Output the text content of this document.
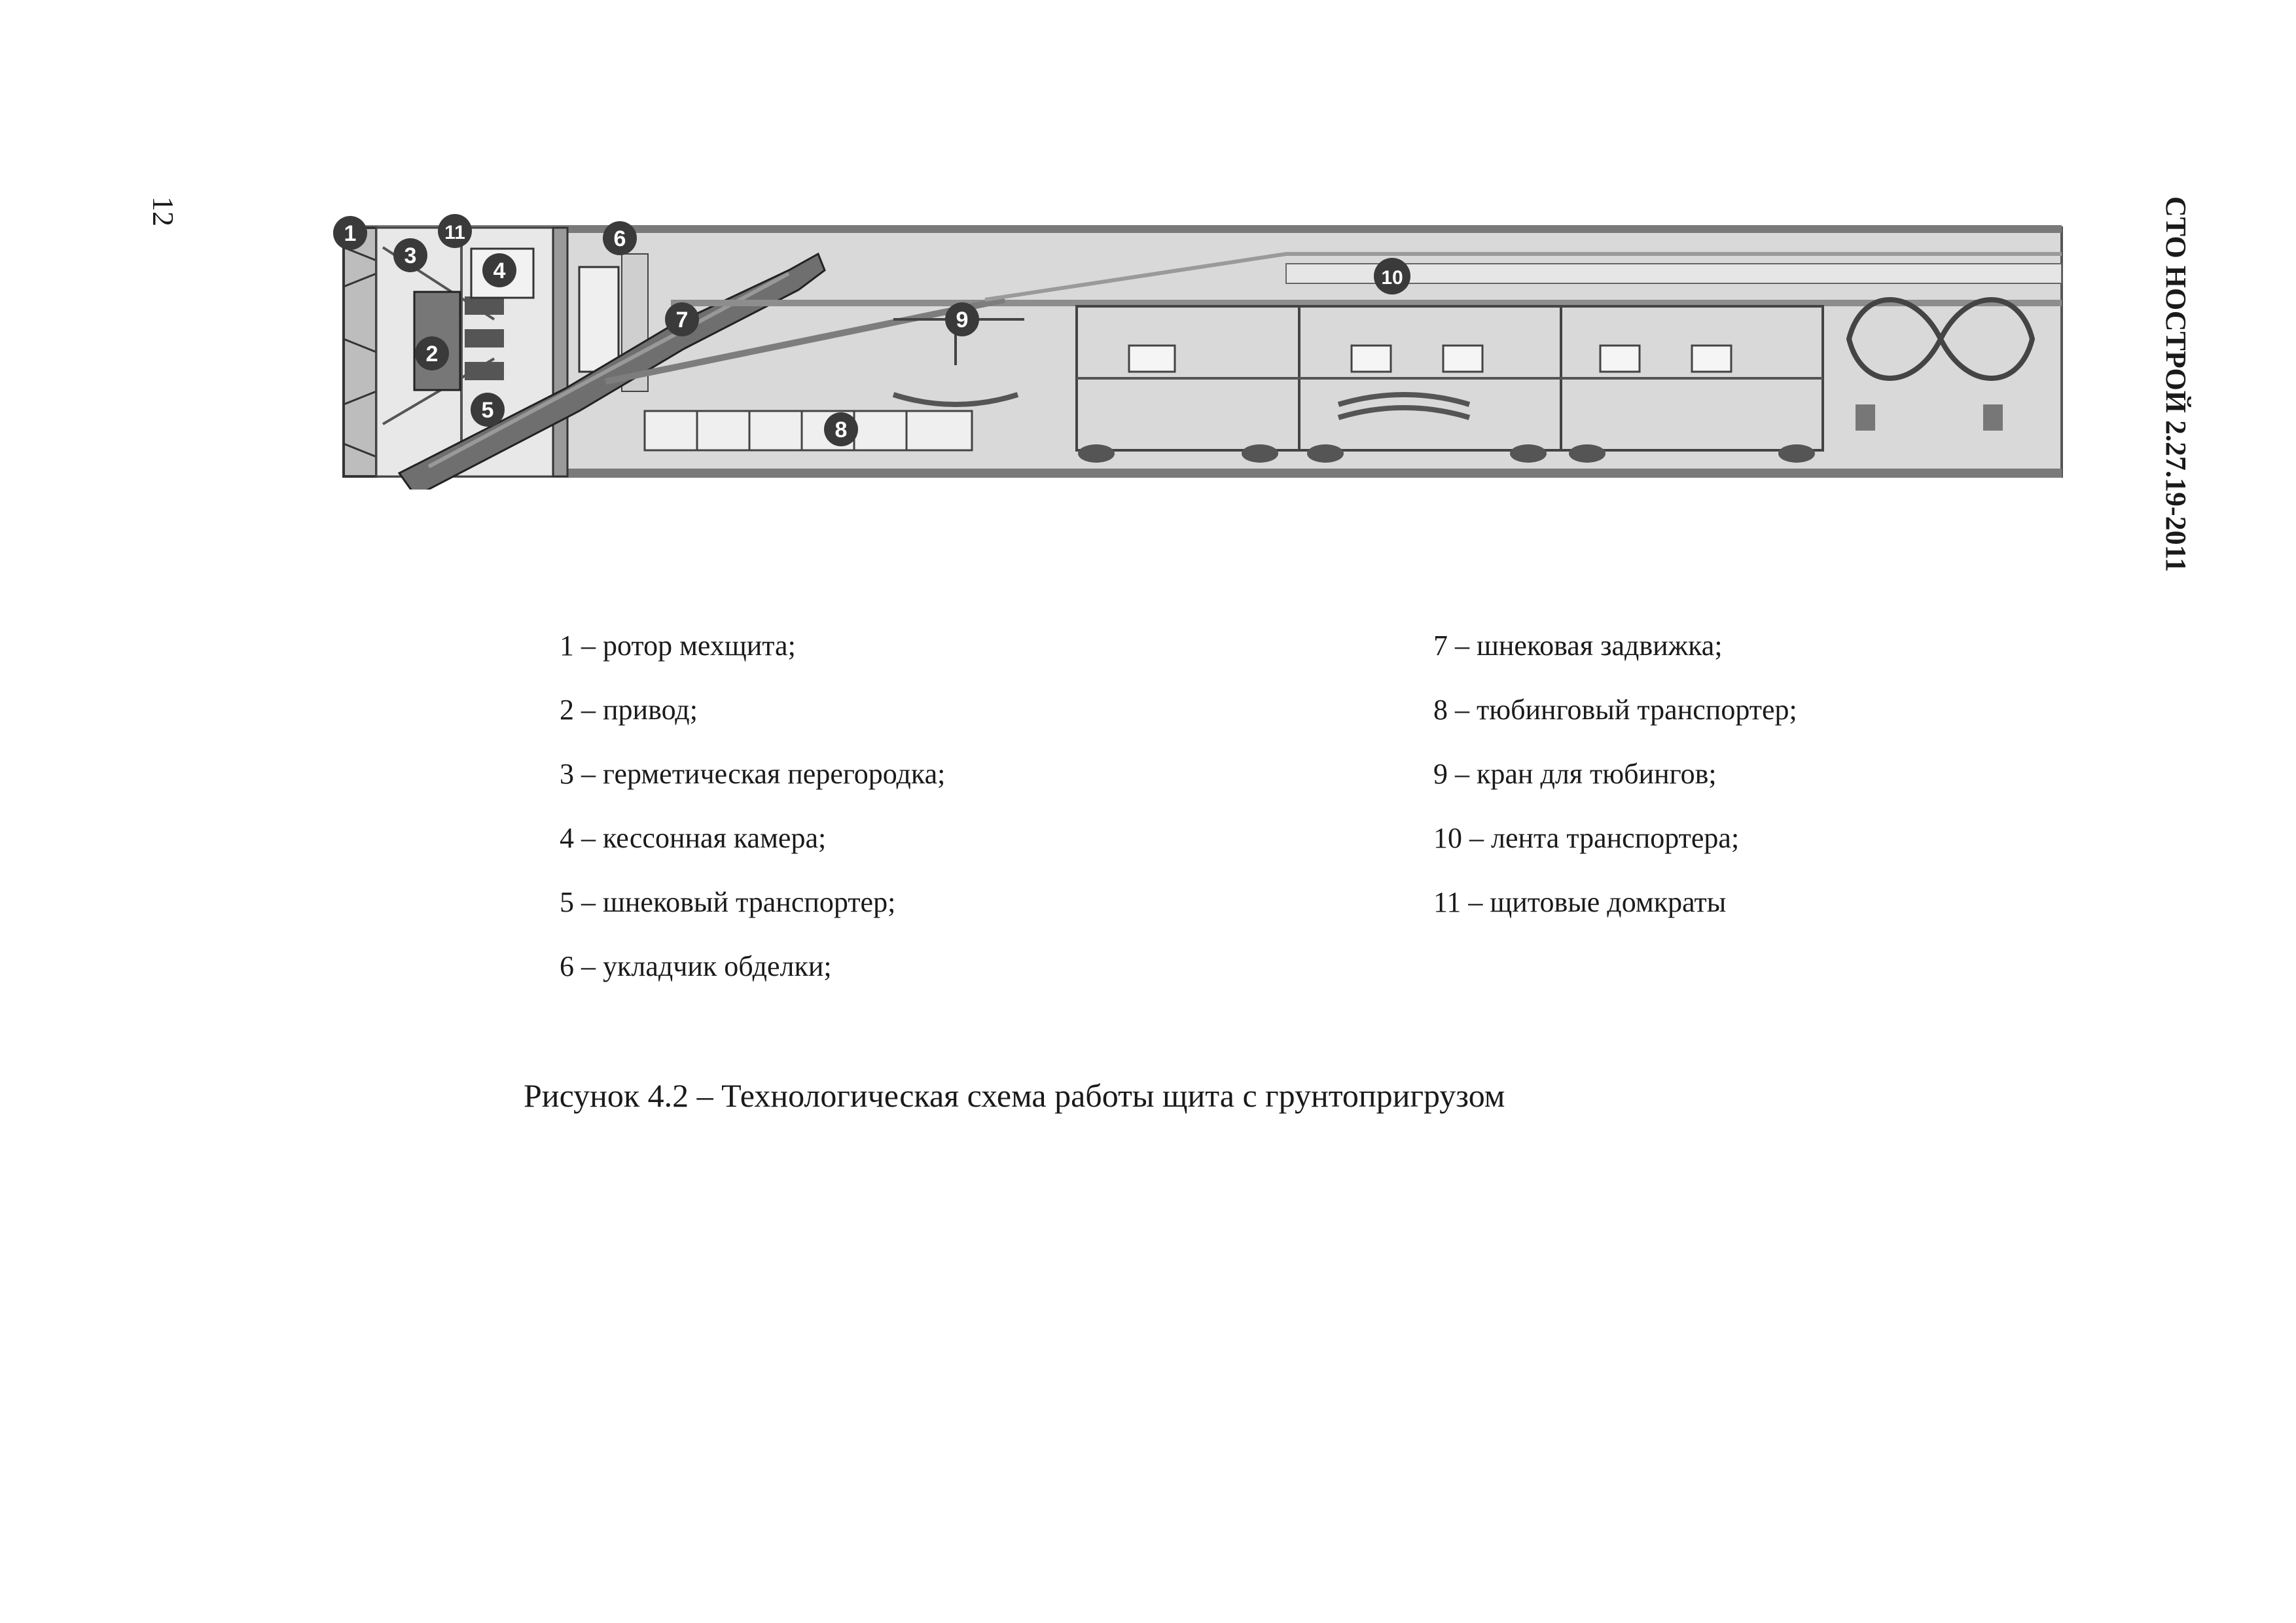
12	СТО НОСТРОЙ 2.27.19-2011
1	11
3
4
2
5
6
7
8
9
10
1 – ротор мехщита;
2 – привод;
3 – герметическая перегородка;
4 – кессонная камера;
5 – шнековый транспортер;
6 – укладчик обделки;
7 – шнековая задвижка;
8 – тюбинговый транспортер;
9 – кран для тюбингов;
10 – лента транспортера;
11 – щитовые домкраты
Рисунок 4.2 – Технологическая схема работы щита с грунтопригрузом
